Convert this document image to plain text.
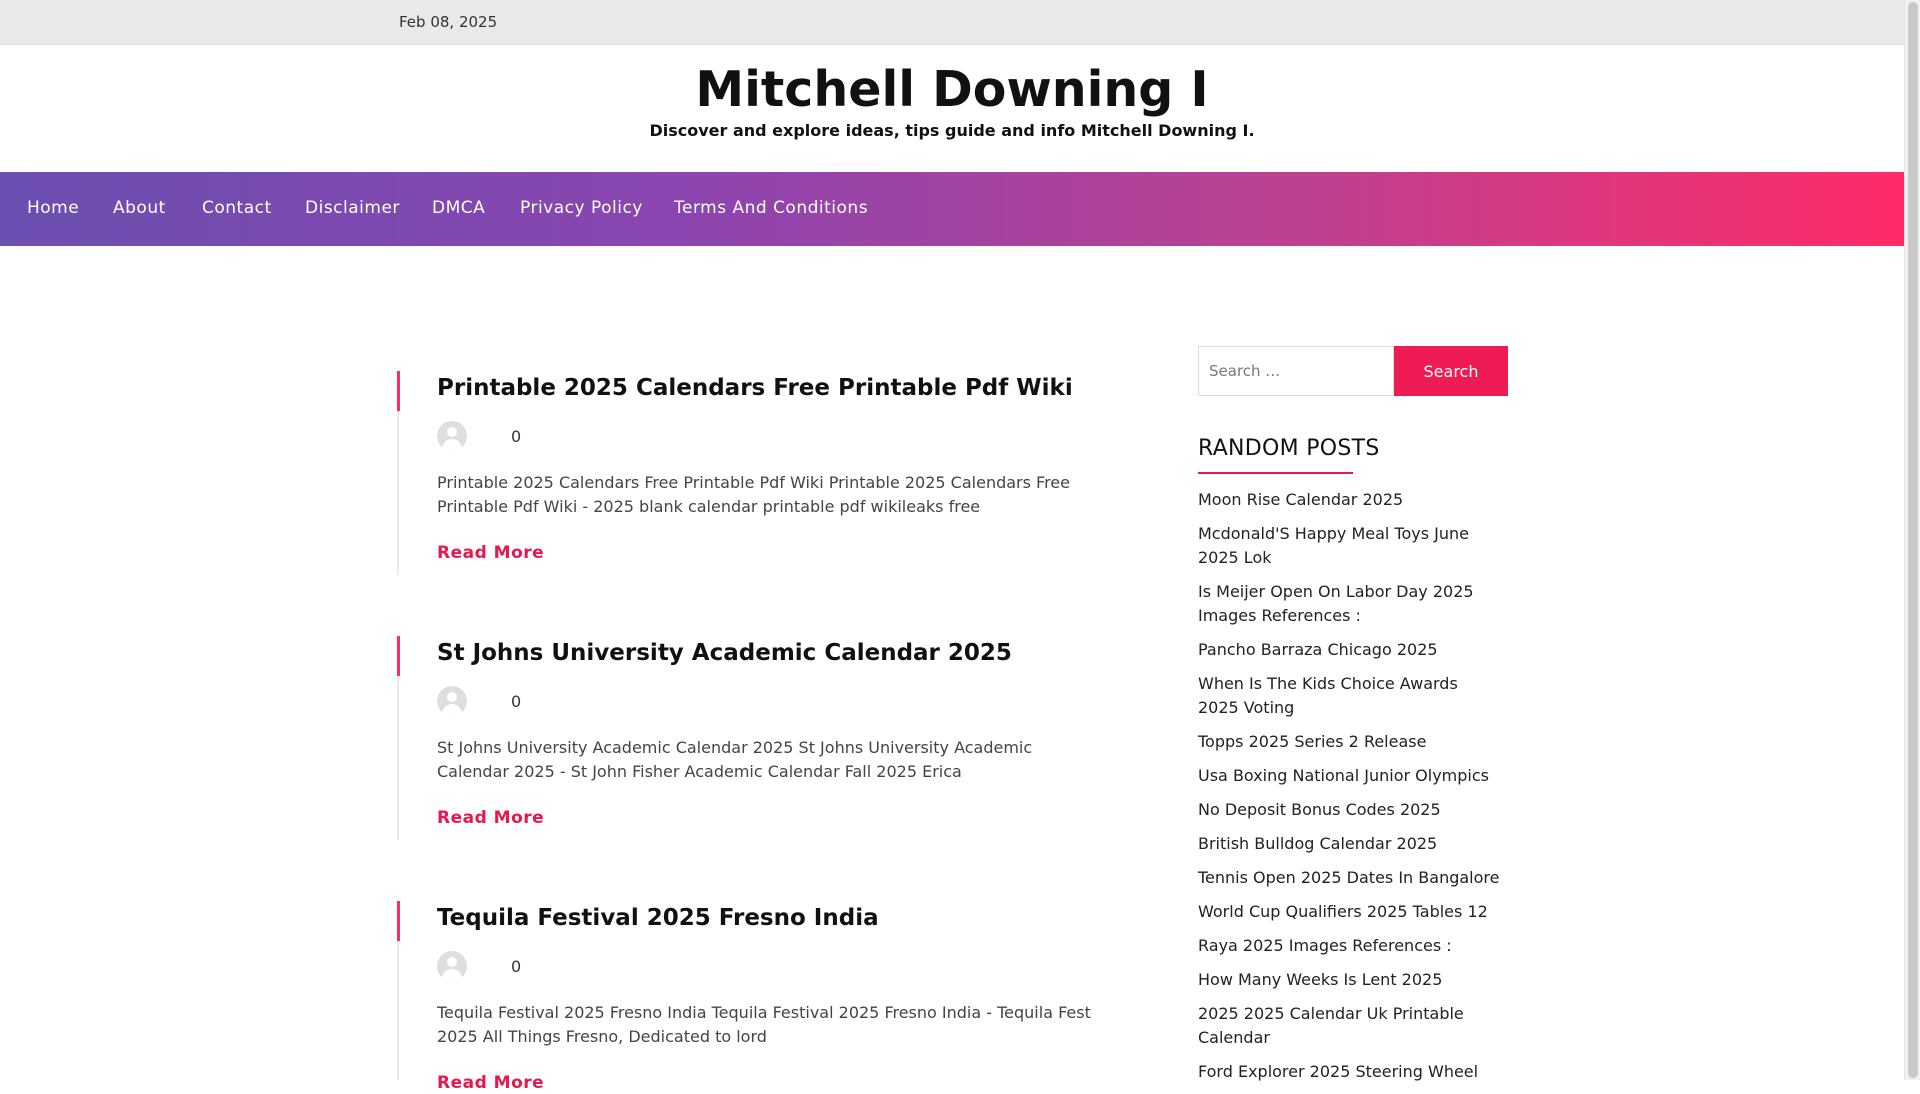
Feb 08, 2025
Mitchell Downing I
Discover and explore ideas, tips guide and info Mitchell Downing I.
Home About Contact Disclaimer DMCA Privacy Policy Terms And Conditions
Printable 2025 Calendars Free Printable Pdf Wiki
0
Printable 2025 Calendars Free Printable Pdf Wiki Printable 2025 Calendars Free Printable Pdf Wiki - 2025 blank calendar printable pdf wikileaks free
Read More
St Johns University Academic Calendar 2025
0
St Johns University Academic Calendar 2025 St Johns University Academic Calendar 2025 - St John Fisher Academic Calendar Fall 2025 Erica
Read More
Tequila Festival 2025 Fresno India
0
Tequila Festival 2025 Fresno India Tequila Festival 2025 Fresno India - Tequila Fest 2025 All Things Fresno, Dedicated to lord
Read More
Search …
Search
RANDOM POSTS
Moon Rise Calendar 2025
Mcdonald'S Happy Meal Toys June 2025 Lok
Is Meijer Open On Labor Day 2025 Images References :
Pancho Barraza Chicago 2025
When Is The Kids Choice Awards 2025 Voting
Topps 2025 Series 2 Release
Usa Boxing National Junior Olympics
No Deposit Bonus Codes 2025
British Bulldog Calendar 2025
Tennis Open 2025 Dates In Bangalore
World Cup Qualifiers 2025 Tables 12
Raya 2025 Images References :
How Many Weeks Is Lent 2025
2025 2025 Calendar Uk Printable Calendar
Ford Explorer 2025 Steering Wheel
